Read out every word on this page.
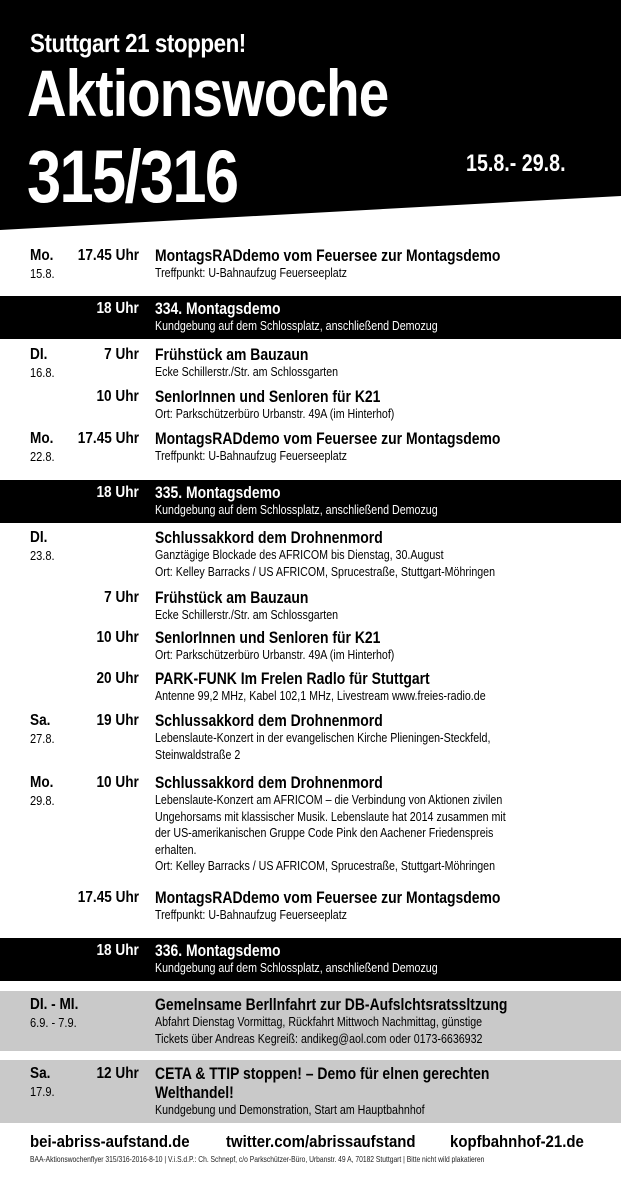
Stuttgart 21 stoppen!
Aktionswoche
315/316	15.8.- 29.8.
Mo.
15.8.
17.45 Uhr MontagsRADdemo vom Feuersee zur Montagsdemo
Treffpunkt: U-Bahnaufzug Feuerseeplatz
18 Uhr 334. Montagsdemo
Kundgebung auf dem Schlossplatz, anschließend Demozug
DI.
16.8.
7 Uhr Frühstück am Bauzaun
Ecke Schillerstr./Str. am Schlossgarten
10 Uhr SenIorInnen und Senloren für K21
Ort: Parkschützerbüro Urbanstr. 49A (im Hinterhof)
Mo.
22.8.
17.45 Uhr MontagsRADdemo vom Feuersee zur Montagsdemo
Treffpunkt: U-Bahnaufzug Feuerseeplatz
18 Uhr 335. Montagsdemo
Kundgebung auf dem Schlossplatz, anschließend Demozug
DI.
23.8.
Schlussakkord dem Drohnenmord
Ganztägige Blockade des AFRICOM bis Dienstag, 30.August
Ort: Kelley Barracks / US AFRICOM, Sprucestraße, Stuttgart-Möhringen
7 Uhr Frühstück am Bauzaun
Ecke Schillerstr./Str. am Schlossgarten
10 Uhr SenIorInnen und Senloren für K21
Ort: Parkschützerbüro Urbanstr. 49A (im Hinterhof)
20 Uhr PARK-FUNK Im Frelen Radlo für Stuttgart
Antenne 99,2 MHz, Kabel 102,1 MHz, Livestream www.freies-radio.de
Sa.
27.8.
19 Uhr Schlussakkord dem Drohnenmord
Lebenslaute-Konzert in der evangelischen Kirche Plieningen-Steckfeld,
Steinwaldstraße 2
Mo.
29.8.
10 Uhr Schlussakkord dem Drohnenmord
Lebenslaute-Konzert am AFRICOM – die Verbindung von Aktionen zivilen
Ungehorsams mit klassischer Musik. Lebenslaute hat 2014 zusammen mit
der US-amerikanischen Gruppe Code Pink den Aachener Friedenspreis
erhalten.
Ort: Kelley Barracks / US AFRICOM, Sprucestraße, Stuttgart-Möhringen
17.45 Uhr MontagsRADdemo vom Feuersee zur Montagsdemo
Treffpunkt: U-Bahnaufzug Feuerseeplatz
18 Uhr 336. Montagsdemo
Kundgebung auf dem Schlossplatz, anschließend Demozug
DI. - MI.
6.9. - 7.9.
Gemelnsame Berllnfahrt zur DB-Aufslchtsratssltzung
Abfahrt Dienstag Vormittag, Rückfahrt Mittwoch Nachmittag, günstige
Tickets über Andreas Kegreiß: andikeg@aol.com oder 0173-6636932
Sa.
17.9.
12 Uhr CETA & TTIP stoppen! – Demo für elnen gerechten
Welthandel!
Kundgebung und Demonstration, Start am Hauptbahnhof
bei-abriss-aufstand.de twitter.com/abrissaufstand kopfbahnhof-21.de
BAA-Aktionswochenflyer 315/316-2016-8-10 | V.i.S.d.P.: Ch. Schnepf, c/o Parkschützer-Büro, Urbanstr. 49 A, 70182 Stuttgart | Bitte nicht wild plakatieren
